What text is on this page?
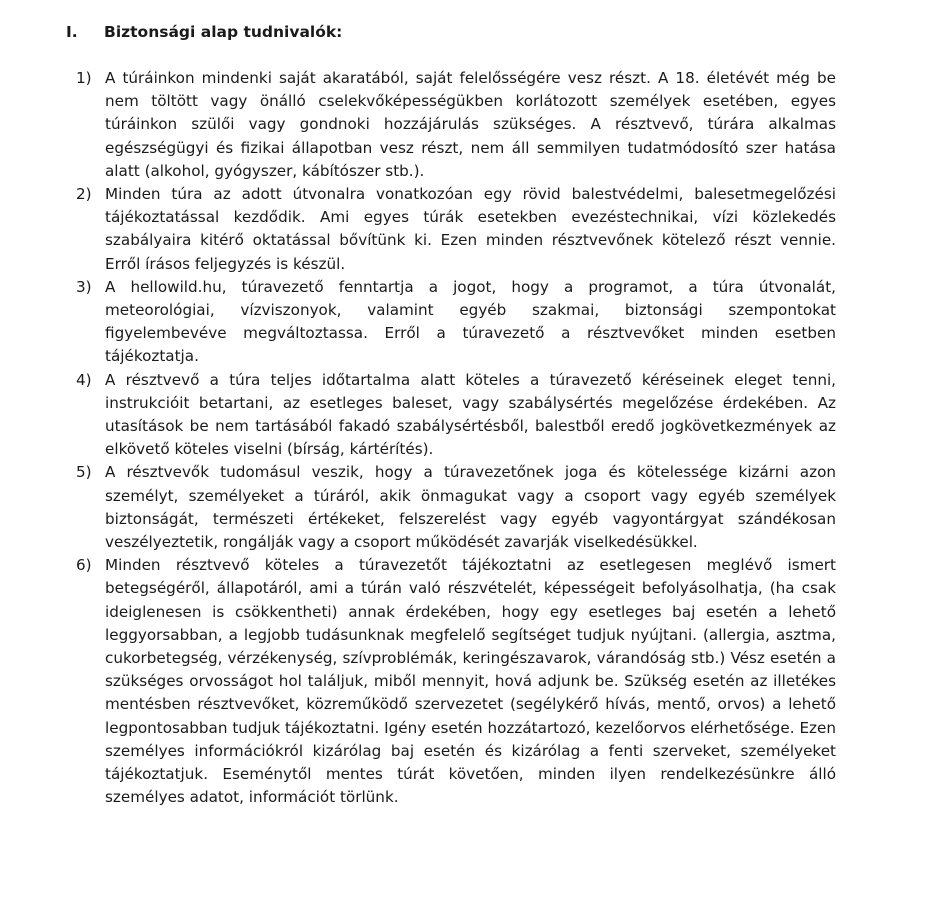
I. Biztonsági alap tudnivalók:
1) A túráinkon mindenki saját akaratából, saját felelősségére vesz részt. A 18. életévét még be nem töltött vagy önálló cselekvőképességükben korlátozott személyek esetében, egyes túráinkon szülői vagy gondnoki hozzájárulás szükséges. A résztvevő, túrára alkalmas egészségügyi és fizikai állapotban vesz részt, nem áll semmilyen tudatmódosító szer hatása alatt (alkohol, gyógyszer, kábítószer stb.).

2) Minden túra az adott útvonalra vonatkozóan egy rövid balestvédelmi, balesetmegelőzési tájékoztatással kezdődik. Ami egyes túrák esetekben evezéstechnikai, vízi közlekedés szabályaira kitérő oktatással bővítünk ki. Ezen minden résztvevőnek kötelező részt vennie. Erről írásos feljegyzés is készül.

3) A hellowild.hu, túravezető fenntartja a jogot, hogy a programot, a túra útvonalát, meteorológiai, vízviszonyok, valamint egyéb szakmai, biztonsági szempontokat figyelembevéve megváltoztassa. Erről a túravezető a résztvevőket minden esetben tájékoztatja.

4) A résztvevő a túra teljes időtartalma alatt köteles a túravezető kéréseinek eleget tenni, instrukcióit betartani, az esetleges baleset, vagy szabálysértés megelőzése érdekében. Az utasítások be nem tartásából fakadó szabálysértésből, balestből eredő jogkövetkezmények az elkövető köteles viselni (bírság, kártérítés).

5) A résztvevők tudomásul veszik, hogy a túravezetőnek joga és kötelessége kizárni azon személyt, személyeket a túráról, akik önmagukat vagy a csoport vagy egyéb személyek biztonságát, természeti értékeket, felszerelést vagy egyéb vagyontárgyat szándékosan veszélyeztetik, rongálják vagy a csoport működését zavarják viselkedésükkel.

6) Minden résztvevő köteles a túravezetőt tájékoztatni az esetlegesen meglévő ismert betegségéről, állapotáról, ami a túrán való részvételét, képességeit befolyásolhatja, (ha csak ideiglenesen is csökkentheti) annak érdekében, hogy egy esetleges baj esetén a lehető leggyorsabban, a legjobb tudásunknak megfelelő segítséget tudjuk nyújtani. (allergia, asztma, cukorbetegség, vérzékenység, szívproblémák, keringészavarok, várandóság stb.) Vész esetén a szükséges orvosságot hol találjuk, miből mennyit, hová adjunk be. Szükség esetén az illetékes mentésben résztvevőket, közreműködő szervezetet (segélykérő hívás, mentő, orvos) a lehető legpontosabban tudjuk tájékoztatni. Igény esetén hozzátartozó, kezelőorvos elérhetősége. Ezen személyes információkról kizárólag baj esetén és kizárólag a fenti szerveket, személyeket tájékoztatjuk. Eseménytől mentes túrát követően, minden ilyen rendelkezésünkre álló személyes adatot, információt törlünk.
